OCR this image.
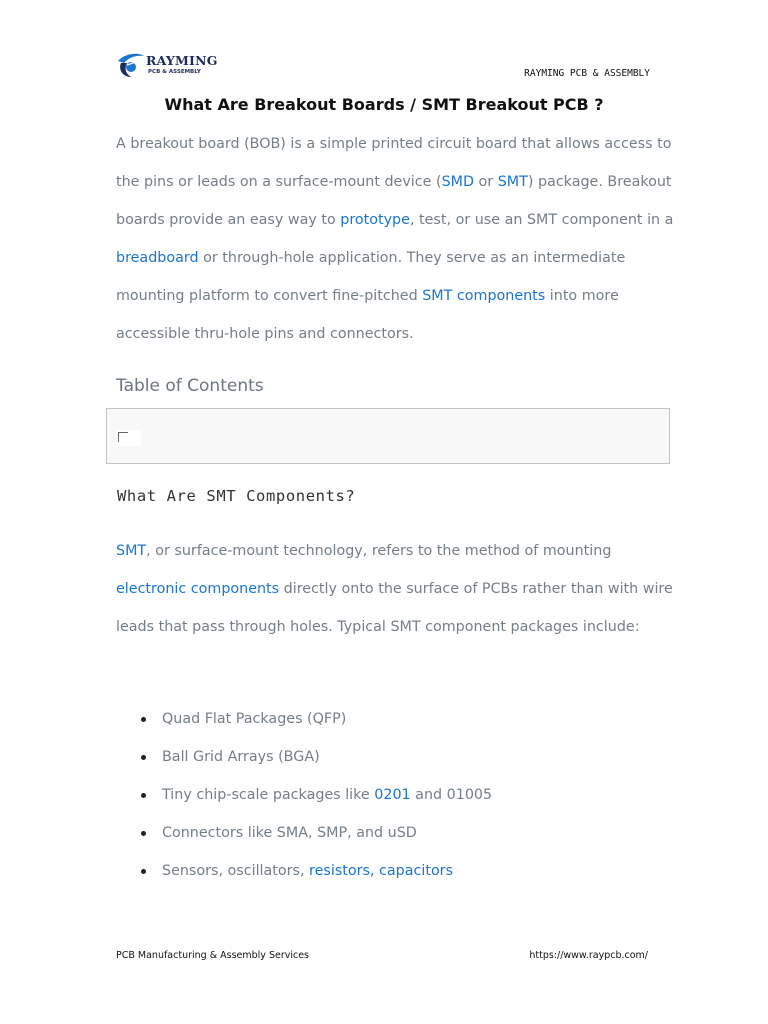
RAYMING
PCB & ASSEMBLY	RAYMING PCB & ASSEMBLY
What Are Breakout Boards / SMT Breakout PCB ?

A breakout board (BOB) is a simple printed circuit board that allows access to the pins or leads on a surface-mount device (SMD or SMT) package. Breakout boards provide an easy way to prototype, test, or use an SMT component in a breadboard or through-hole application. They serve as an intermediate mounting platform to convert fine-pitched SMT components into more accessible thru-hole pins and connectors.

Table of Contents
What Are SMT Components?

SMT, or surface-mount technology, refers to the method of mounting electronic components directly onto the surface of PCBs rather than with wire leads that pass through holes. Typical SMT component packages include:

Quad Flat Packages (QFP)
Ball Grid Arrays (BGA)
Tiny chip-scale packages like 0201 and 01005
Connectors like SMA, SMP, and uSD
Sensors, oscillators, resistors, capacitors
PCB Manufacturing & Assembly Services	https://www.raypcb.com/
